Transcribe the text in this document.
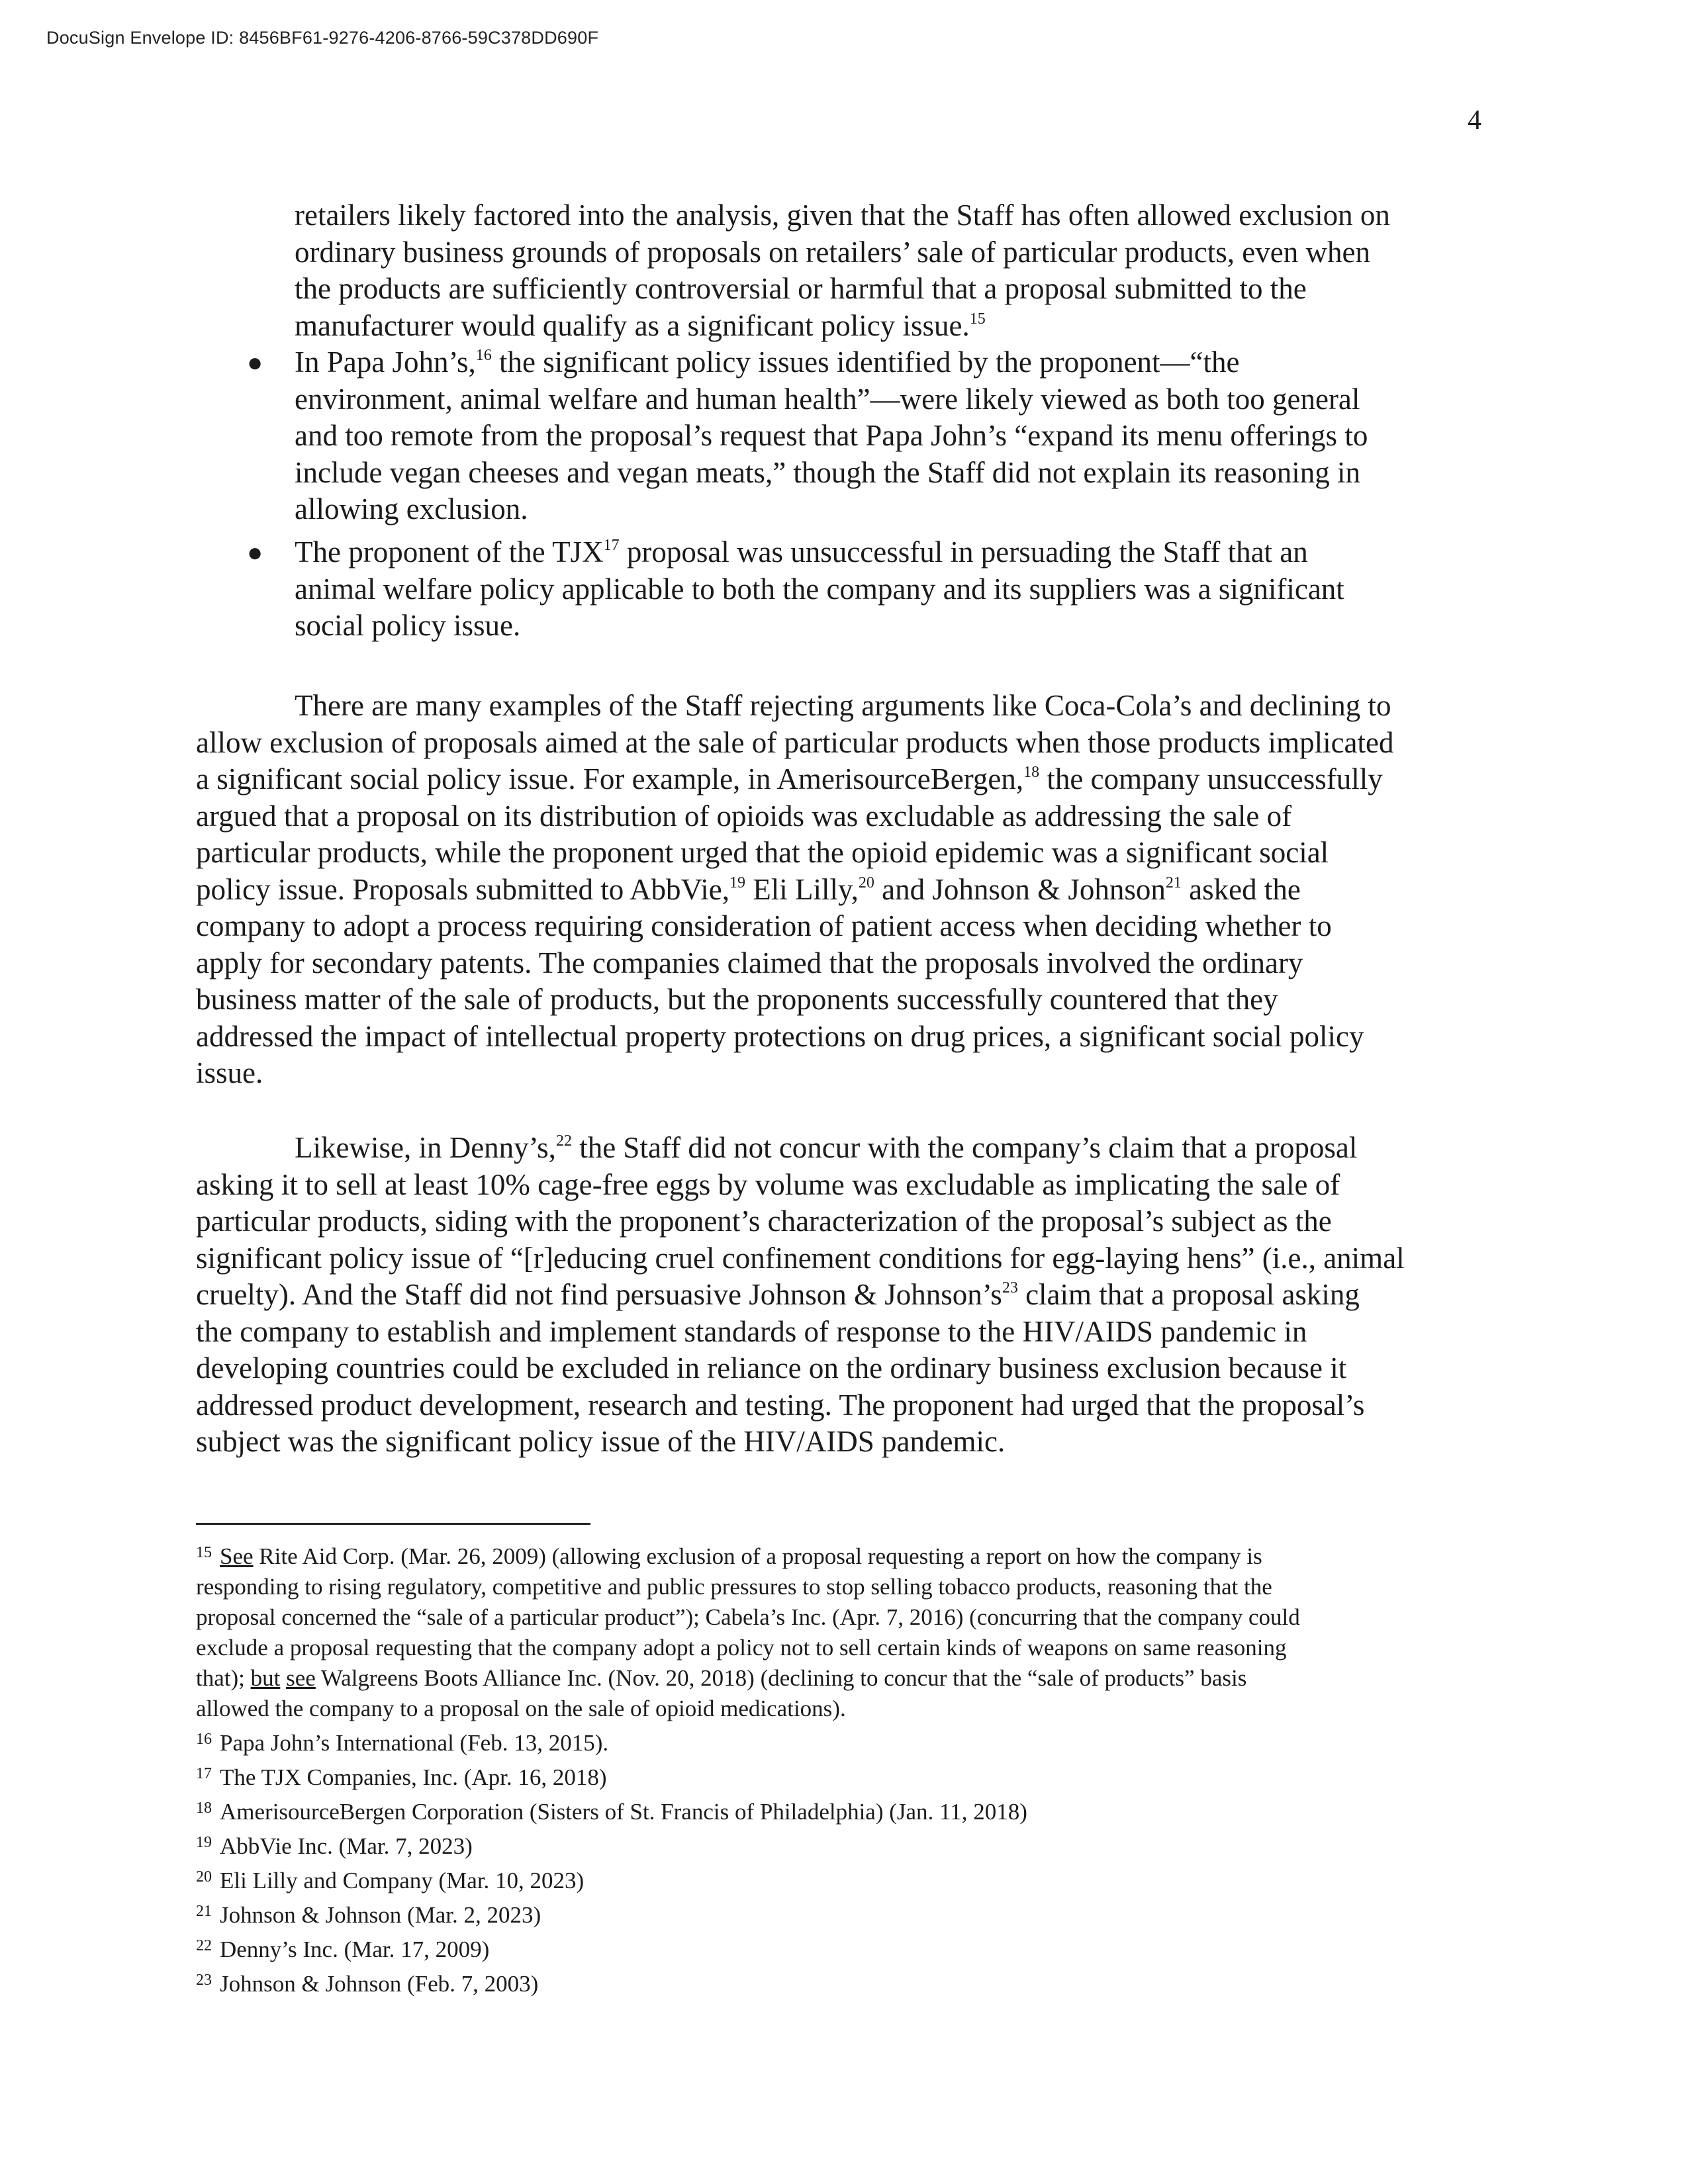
DocuSign Envelope ID: 8456BF61-9276-4206-8766-59C378DD690F
4
retailers likely factored into the analysis, given that the Staff has often allowed exclusion on
ordinary business grounds of proposals on retailers’ sale of particular products, even when
the products are sufficiently controversial or harmful that a proposal submitted to the
manufacturer would qualify as a significant policy issue.$^{15}$
● In Papa John’s,$^{16}$ the significant policy issues identified by the proponent—“the
environment, animal welfare and human health”—were likely viewed as both too general
and too remote from the proposal’s request that Papa John’s “expand its menu offerings to
include vegan cheeses and vegan meats,” though the Staff did not explain its reasoning in
allowing exclusion.
● The proponent of the TJX$^{17}$ proposal was unsuccessful in persuading the Staff that an
animal welfare policy applicable to both the company and its suppliers was a significant
social policy issue.
There are many examples of the Staff rejecting arguments like Coca-Cola’s and declining to
allow exclusion of proposals aimed at the sale of particular products when those products implicated
a significant social policy issue. For example, in AmerisourceBergen,$^{18}$ the company unsuccessfully
argued that a proposal on its distribution of opioids was excludable as addressing the sale of
particular products, while the proponent urged that the opioid epidemic was a significant social
policy issue. Proposals submitted to AbbVie,$^{19}$ Eli Lilly,$^{20}$ and Johnson & Johnson$^{21}$ asked the
company to adopt a process requiring consideration of patient access when deciding whether to
apply for secondary patents. The companies claimed that the proposals involved the ordinary
business matter of the sale of products, but the proponents successfully countered that they
addressed the impact of intellectual property protections on drug prices, a significant social policy
issue.
Likewise, in Denny’s,$^{22}$ the Staff did not concur with the company’s claim that a proposal
asking it to sell at least 10% cage-free eggs by volume was excludable as implicating the sale of
particular products, siding with the proponent’s characterization of the proposal’s subject as the
significant policy issue of “[r]educing cruel confinement conditions for egg-laying hens” (i.e., animal
cruelty). And the Staff did not find persuasive Johnson & $Johnson’s^{23}$ claim that a proposal asking
the company to establish and implement standards of response to the HIV/AIDS pandemic in
developing countries could be excluded in reliance on the ordinary business exclusion because it
addressed product development, research and testing. The proponent had urged that the proposal’s
subject was the significant policy issue of the HIV/AIDS pandemic.
$^{15}$ See Rite Aid Corp. (Mar. 26, 2009) (allowing exclusion of a proposal requesting a report on how the company is
responding to rising regulatory, competitive and public pressures to stop selling tobacco products, reasoning that the
proposal concerned the “sale of a particular product”); Cabela’s Inc. (Apr. 7, 2016) (concurring that the company could
exclude a proposal requesting that the company adopt a policy not to sell certain kinds of weapons on same reasoning
that); but see Walgreens Boots Alliance Inc. (Nov. 20, 2018) (declining to concur that the “sale of products” basis
allowed the company to a proposal on the sale of opioid medications).
$^{16}$ Papa John’s International (Feb. 13, 2015).
$^{17}$ The TJX Companies, Inc. (Apr. 16, 2018)
$^{18}$ AmerisourceBergen Corporation (Sisters of St. Francis of Philadelphia) (Jan. 11, 2018)
$^{19}$ AbbVie Inc. (Mar. 7, 2023)
$^{20}$ Eli Lilly and Company (Mar. 10, 2023)
$^{21}$ Johnson & Johnson (Mar. 2, 2023)
$^{22}$ Denny’s Inc. (Mar. 17, 2009)
$^{23}$ Johnson & Johnson (Feb. 7, 2003)
